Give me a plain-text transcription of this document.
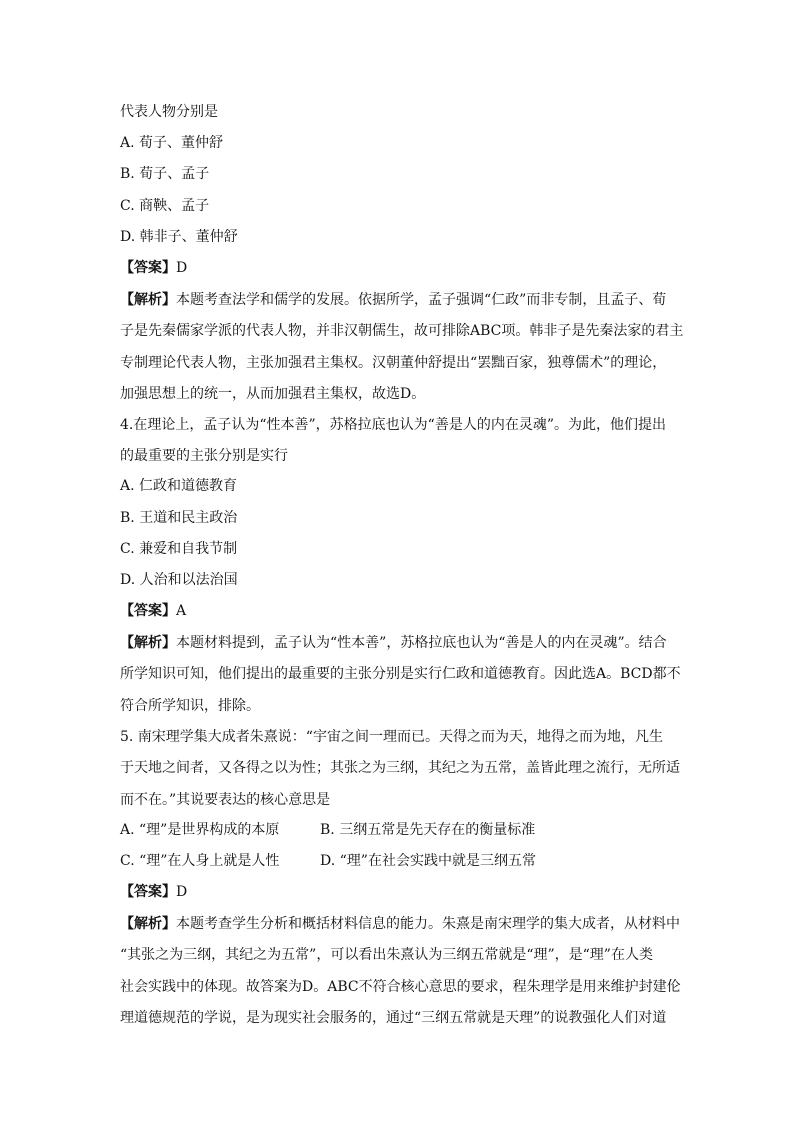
代表人物分别是
A. 荀子、董仲舒
B. 荀子、孟子
C. 商鞅、孟子
D. 韩非子、董仲舒
【答案】D
【解析】本题考查法学和儒学的发展。依据所学，孟子强调“仁政”而非专制，且孟子、荀
子是先秦儒家学派的代表人物，并非汉朝儒生，故可排除ABC项。韩非子是先秦法家的君主
专制理论代表人物，主张加强君主集权。汉朝董仲舒提出“罢黜百家，独尊儒术”的理论，
加强思想上的统一，从而加强君主集权，故选D。
4.在理论上，孟子认为“性本善”，苏格拉底也认为“善是人的内在灵魂”。为此，他们提出
的最重要的主张分别是实行
A. 仁政和道德教育
B. 王道和民主政治
C. 兼爱和自我节制
D. 人治和以法治国
【答案】A
【解析】本题材料提到，孟子认为“性本善”，苏格拉底也认为“善是人的内在灵魂”。结合
所学知识可知，他们提出的最重要的主张分别是实行仁政和道德教育。因此选A。BCD都不
符合所学知识，排除。
5. 南宋理学集大成者朱熹说：“宇宙之间一理而已。天得之而为天，地得之而为地，凡生
于天地之间者，又各得之以为性；其张之为三纲，其纪之为五常，盖皆此理之流行，无所适
而不在。”其说要表达的核心意思是
A. “理”是世界构成的本原	B. 三纲五常是先天存在的衡量标准
C. “理”在人身上就是人性	D. “理”在社会实践中就是三纲五常
【答案】D
【解析】本题考查学生分析和概括材料信息的能力。朱熹是南宋理学的集大成者，从材料中
“其张之为三纲，其纪之为五常”，可以看出朱熹认为三纲五常就是“理”，是“理”在人类
社会实践中的体现。故答案为D。ABC不符合核心意思的要求，程朱理学是用来维护封建伦
理道德规范的学说，是为现实社会服务的，通过“三纲五常就是天理”的说教强化人们对道
